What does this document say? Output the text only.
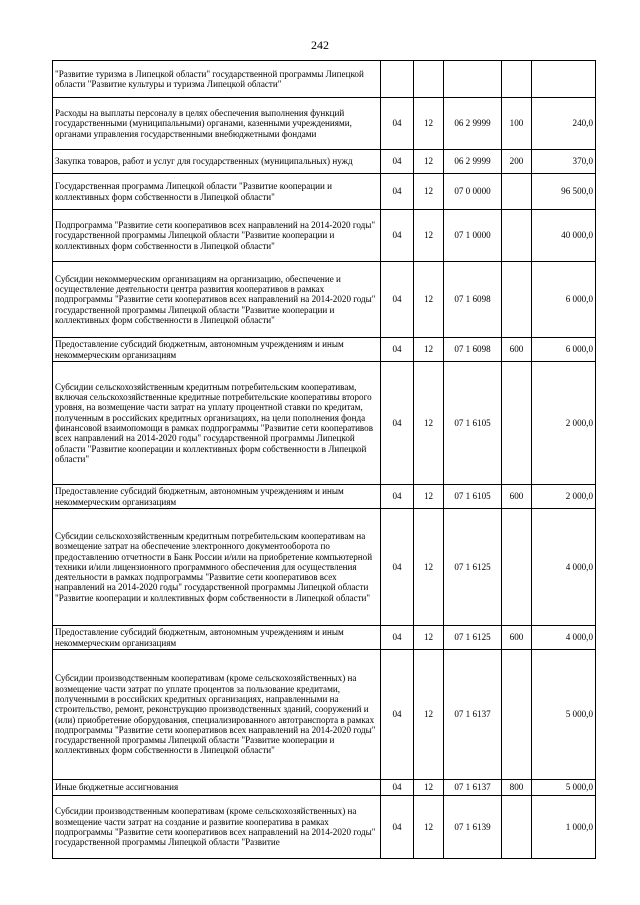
242
"Развитие туризма в Липецкой области" государственной программы Липецкой области "Развитие культуры и туризма Липецкой области"					
Расходы на выплаты персоналу в целях обеспечения выполнения функций государственными (муниципальными) органами, казенными учреждениями, органами управления государственными внебюджетными фондами	04	12	06 2 9999	100	240,0
Закупка товаров, работ и услуг для государственных (муниципальных) нужд	04	12	06 2 9999	200	370,0
Государственная программа Липецкой области "Развитие кооперации и коллективных форм собственности в Липецкой области"	04	12	07 0 0000		96 500,0
Подпрограмма "Развитие сети кооперативов всех направлений на 2014-2020 годы" государственной программы Липецкой области "Развитие кооперации и коллективных форм собственности в Липецкой области"	04	12	07 1 0000		40 000,0
Субсидии некоммерческим организациям на организацию, обеспечение и осуществление деятельности центра развития кооперативов в рамках подпрограммы "Развитие сети кооперативов всех направлений на 2014-2020 годы" государственной программы Липецкой области "Развитие кооперации и коллективных форм собственности в Липецкой области"	04	12	07 1 6098		6 000,0
Предоставление субсидий бюджетным, автономным учреждениям и иным некоммерческим организациям	04	12	07 1 6098	600	6 000,0
Субсидии сельскохозяйственным кредитным потребительским кооперативам, включая сельскохозяйственные кредитные потребительские кооперативы второго уровня, на возмещение части затрат на уплату процентной ставки по кредитам, полученным в российских кредитных организациях, на цели пополнения фонда финансовой взаимопомощи в рамках подпрограммы "Развитие сети кооперативов всех направлений на 2014-2020 годы" государственной программы Липецкой области "Развитие кооперации и коллективных форм собственности в Липецкой области"	04	12	07 1 6105		2 000,0
Предоставление субсидий бюджетным, автономным учреждениям и иным некоммерческим организациям	04	12	07 1 6105	600	2 000,0
Субсидии сельскохозяйственным кредитным потребительским кооперативам на возмещение затрат на обеспечение электронного документооборота по предоставлению отчетности в Банк России и/или на приобретение компьютерной техники и/или лицензионного программного обеспечения для осуществления деятельности в рамках подпрограммы "Развитие сети кооперативов всех направлений на 2014-2020 годы" государственной программы Липецкой области "Развитие кооперации и коллективных форм собственности в Липецкой области"	04	12	07 1 6125		4 000,0
Предоставление субсидий бюджетным, автономным учреждениям и иным некоммерческим организациям	04	12	07 1 6125	600	4 000,0
Субсидии производственным кооперативам (кроме сельскохозяйственных) на возмещение части затрат по уплате процентов за пользование кредитами, полученными в российских кредитных организациях, направленными на строительство, ремонт, реконструкцию производственных зданий, сооружений и (или) приобретение оборудования, специализированного автотранспорта в рамках подпрограммы "Развитие сети кооперативов всех направлений на 2014-2020 годы" государственной программы Липецкой области "Развитие кооперации и коллективных форм собственности в Липецкой области"	04	12	07 1 6137		5 000,0
Иные бюджетные ассигнования	04	12	07 1 6137	800	5 000,0
Субсидии производственным кооперативам (кроме сельскохозяйственных) на возмещение части затрат на создание и развитие кооператива в рамках подпрограммы "Развитие сети кооперативов всех направлений на 2014-2020 годы" государственной программы Липецкой области "Развитие	04	12	07 1 6139		1 000,0
